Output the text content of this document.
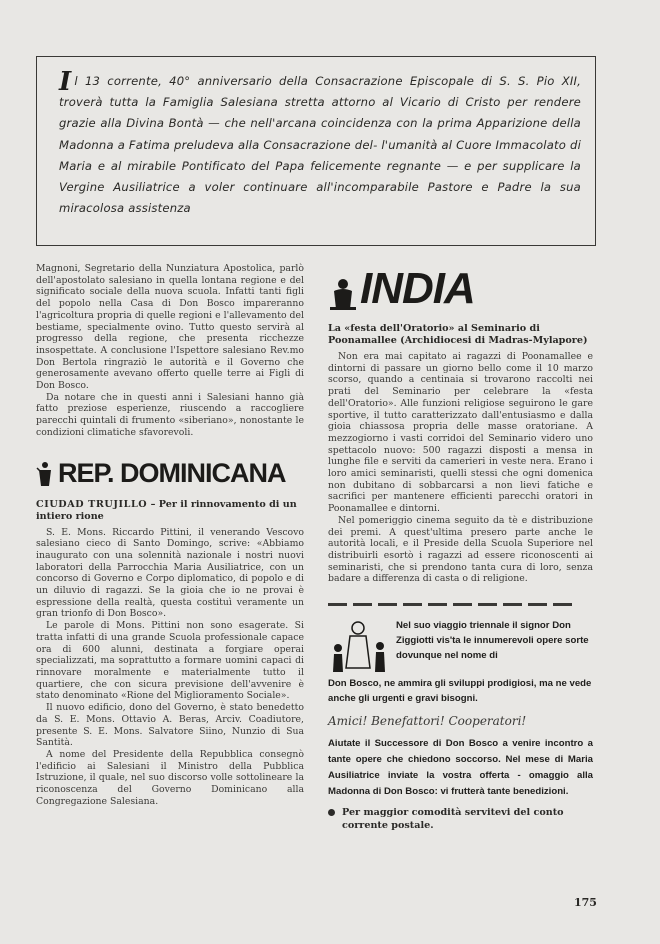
Il 13 corrente, 40° anniversario della Consacrazione Episcopale di S. S. Pio XII, troverà tutta la Famiglia Salesiana stretta attorno al Vicario di Cristo per rendere grazie alla Divina Bontà — che nell'arcana coincidenza con la prima Apparizione della Madonna a Fatima preludeva alla Consacrazione del- l'umanità al Cuore Immacolato di Maria e al mirabile Pontificato del Papa felicemente regnante — e per supplicare la Vergine Ausiliatrice a voler continuare all'incomparabile Pastore e Padre la sua miracolosa assistenza

Magnoni, Segretario della Nunziatura Apostolica, parlò dell'apostolato salesiano in quella lontana regione e del significato sociale della nuova scuola. Infatti tanti figli del popolo nella Casa di Don Bosco impareranno l'agricoltura propria di quelle regioni e l'allevamento del bestiame, specialmente ovino. Tutto questo servirà al progresso della regione, che presenta ricchezze insospettate. A conclusione l'Ispettore salesiano Rev.mo Don Bertola ringraziò le autorità e il Governo che generosamente avevano offerto quelle terre ai Figli di Don Bosco.

Da notare che in questi anni i Salesiani hanno già fatto preziose esperienze, riuscendo a raccogliere parecchi quintali di frumento «siberiano», nonostante le condizioni climatiche sfavorevoli.

REP. DOMINICANA
CIUDAD TRUJILLO – Per il rinnovamento di un intiero rione

S. E. Mons. Riccardo Pittini, il venerando Vescovo salesiano cieco di Santo Domingo, scrive: «Abbiamo inaugurato con una solennità nazionale i nostri nuovi laboratori della Parrocchia Maria Ausiliatrice, con un concorso di Governo e Corpo diplomatico, di popolo e di un diluvio di ragazzi. Se la gioia che io ne provai è espressione della realtà, questa costituì veramente un gran trionfo di Don Bosco».

Le parole di Mons. Pittini non sono esagerate. Si tratta infatti di una grande Scuola professionale capace ora di 600 alunni, destinata a forgiare operai specializzati, ma soprattutto a formare uomini capaci di rinnovare moralmente e materialmente tutto il quartiere, che con sicura previsione dell'avvenire è stato denominato «Rione del Miglioramento Sociale».

Il nuovo edificio, dono del Governo, è stato benedetto da S. E. Mons. Ottavio A. Beras, Arciv. Coadiutore, presente S. E. Mons. Salvatore Siino, Nunzio di Sua Santità.

A nome del Presidente della Repubblica consegnò l'edificio ai Salesiani il Ministro della Pubblica Istruzione, il quale, nel suo discorso volle sottolineare la riconoscenza del Governo Dominicano alla Congregazione Salesiana.

INDIA
La «festa dell'Oratorio» al Seminario di Poonamallee (Archidiocesi di Madras-Mylapore)

Non era mai capitato ai ragazzi di Poonamallee e dintorni di passare un giorno bello come il 10 marzo scorso, quando a centinaia si trovarono raccolti nei prati del Seminario per celebrare la «festa dell'Oratorio». Alle funzioni religiose seguirono le gare sportive, il tutto caratterizzato dall'entusiasmo e dalla gioia chiassosa propria delle masse oratoriane. A mezzogiorno i vasti corridoi del Seminario videro uno spettacolo nuovo: 500 ragazzi disposti a mensa in lunghe file e serviti da camerieri in veste nera. Erano i loro amici seminaristi, quelli stessi che ogni domenica non dubitano di sobbarcarsi a non lievi fatiche e sacrifici per mantenere efficienti parecchi oratori in Poonamallee e dintorni.

Nel pomeriggio cinema seguito da tè e distribuzione dei premi. A quest'ultima presero parte anche le autorità locali, e il Preside della Scuola Superiore nel distribuirli esortò i ragazzi ad essere riconoscenti ai seminaristi, che si prendono tanta cura di loro, senza badare a differenza di casta o di religione.

Nel suo viaggio triennale il signor Don Ziggiotti vis'ta le innumerevoli opere sorte dovunque nel nome di
Don Bosco, ne ammira gli sviluppi prodigiosi, ma ne vede anche gli urgenti e gravi bisogni.
Amici! Benefattori! Cooperatori!
Aiutate il Successore di Don Bosco a venire incontro a tante opere che chiedono soccorso. Nel mese di Maria Ausiliatrice inviate la vostra offerta - omaggio alla Madonna di Don Bosco: vi frutterà tante benedizioni.
Per maggior comodità servitevi del conto corrente postale.
175
